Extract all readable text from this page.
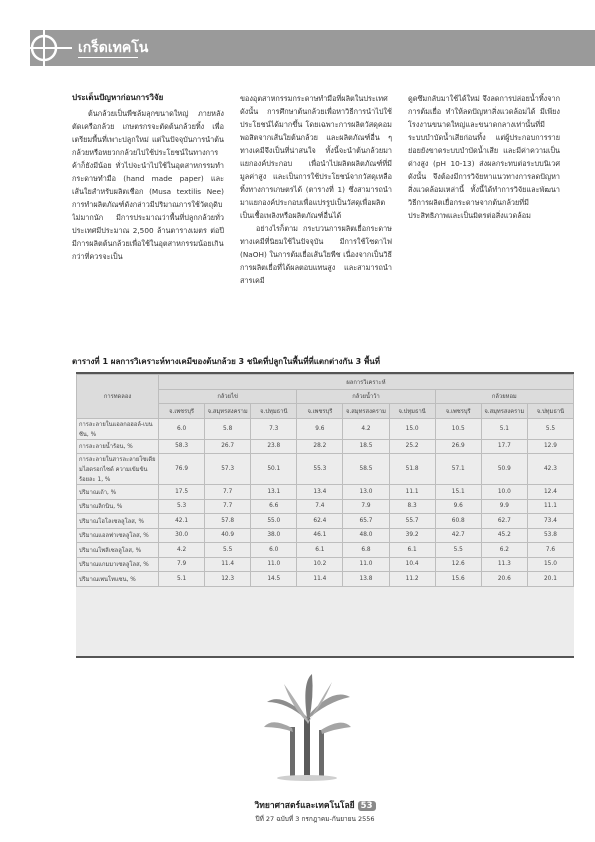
เกร็ดเทคโน
ประเด็นปัญหาก่อนการวิจัย

ต้นกล้วยเป็นพืชล้มลุกขนาดใหญ่ ภายหลังตัดเครือกล้วย เกษตรกรจะตัดต้นกล้วยทิ้ง เพื่อเตรียมพื้นที่เพาะปลูกใหม่ แต่ในปัจจุบันการนำต้นกล้วยหรือหยวกกล้วยไปใช้ประโยชน์ในทางการค้าก็ยังมีน้อย ทั่วไปจะนำไปใช้ในอุตสาหกรรมทำกระดาษทำมือ (hand made paper) และเส้นใยสำหรับผลิตเชือก (Musa textilis Nee) การทำผลิตภัณฑ์ดังกล่าวมีปริมาณการใช้วัตถุดิบไม่มากนัก มีการประมาณว่าพื้นที่ปลูกกล้วยทั่วประเทศมีประมาณ 2,500 ล้านตารางเมตร ต่อปีมีการผลิตต้นกล้วยเพื่อใช้ในอุตสาหกรรมน้อยเกินกว่าที่ควรจะเป็น

ของอุตสาหกรรมกระดาษทำมือที่ผลิตในประเทศ ดังนั้น การศึกษาต้นกล้วยเพื่อหาวิธีการนำไปใช้ประโยชน์ได้มากขึ้น โดยเฉพาะการผลิตวัสดุคอมพอสิตจากเส้นใยต้นกล้วย และผลิตภัณฑ์อื่น ๆ ทางเคมีจึงเป็นที่น่าสนใจ ทั้งนี้จะนำต้นกล้วยมาแยกองค์ประกอบ เพื่อนำไปผลิตผลิตภัณฑ์ที่มีมูลค่าสูง และเป็นการใช้ประโยชน์จากวัสดุเหลือทิ้งทางการเกษตรได้ (ตารางที่ 1) ซึ่งสามารถนำมาแยกองค์ประกอบเพื่อแปรรูปเป็นวัสดุเพื่อผลิตเป็นเชื้อเพลิงหรือผลิตภัณฑ์อื่นได้

อย่างไรก็ตาม กระบวนการผลิตเยื่อกระดาษทางเคมีที่นิยมใช้ในปัจจุบัน มีการใช้โซดาไฟ (NaOH) ในการต้มเยื่อเส้นใยพืช เนื่องจากเป็นวิธีการผลิตเยื่อที่ได้ผลตอบแทนสูง และสามารถนำสารเคมี

ดูดซึมกลับมาใช้ได้ใหม่ จึงลดการปล่อยน้ำทิ้งจากการต้มเยื่อ ทำให้ลดปัญหาสิ่งแวดล้อมได้ มีเพียงโรงงานขนาดใหญ่และขนาดกลางเท่านั้นที่มีระบบบำบัดน้ำเสียก่อนทิ้ง แต่ผู้ประกอบการรายย่อยยังขาดระบบบำบัดน้ำเสีย และมีค่าความเป็นด่างสูง (pH 10-13) ส่งผลกระทบต่อระบบนิเวศ ดังนั้น จึงต้องมีการวิจัยหาแนวทางการลดปัญหาสิ่งแวดล้อมเหล่านี้ ทั้งนี้ได้ทำการวิจัยและพัฒนาวิธีการผลิตเยื่อกระดาษจากต้นกล้วยที่มีประสิทธิภาพและเป็นมิตรต่อสิ่งแวดล้อม

ตารางที่ 1 ผลการวิเคราะห์ทางเคมีของต้นกล้วย 3 ชนิดที่ปลูกในพื้นที่ที่แตกต่างกัน 3 พื้นที่
การทดลอง	ผลการวิเคราะห์								
	กล้วยไข่			กล้วยน้ำว้า			กล้วยหอม		
	จ.เพชรบุรี	จ.สมุทรสงคราม	จ.ปทุมธานี	จ.เพชรบุรี	จ.สมุทรสงคราม	จ.ปทุมธานี	จ.เพชรบุรี	จ.สมุทรสงคราม	จ.ปทุมธานี
การละลายในแอลกอฮอล์-เบนซีน, %	6.0	5.8	7.3	9.6	4.2	15.0	10.5	5.1	5.5
การละลายน้ำร้อน, %	58.3	26.7	23.8	28.2	18.5	25.2	26.9	17.7	12.9
การละลายในสารละลายโซเดียมไฮดรอกไซด์ ความเข้มข้นร้อยละ 1, %	76.9	57.3	50.1	55.3	58.5	51.8	57.1	50.9	42.3
ปริมาณเถ้า, %	17.5	7.7	13.1	13.4	13.0	11.1	15.1	10.0	12.4
ปริมาณลิกนิน, %	5.3	7.7	6.6	7.4	7.9	8.3	9.6	9.9	11.1
ปริมาณโฮโลเซลลูโลส, %	42.1	57.8	55.0	62.4	65.7	55.7	60.8	62.7	73.4
ปริมาณแอลฟาเซลลูโลส, %	30.0	40.9	38.0	46.1	48.0	39.2	42.7	45.2	53.8
ปริมาณโพลีเซลลูโลส, %	4.2	5.5	6.0	6.1	6.8	6.1	5.5	6.2	7.6
ปริมาณแกมมาเซลลูโลส, %	7.9	11.4	11.0	10.2	11.0	10.4	12.6	11.3	15.0
ปริมาณเพนโทแซน, %	5.1	12.3	14.5	11.4	13.8	11.2	15.6	20.6	20.1
วิทยาศาสตร์และเทคโนโลยี 53
ปีที่ 27 ฉบับที่ 3 กรกฎาคม-กันยายน 2556
